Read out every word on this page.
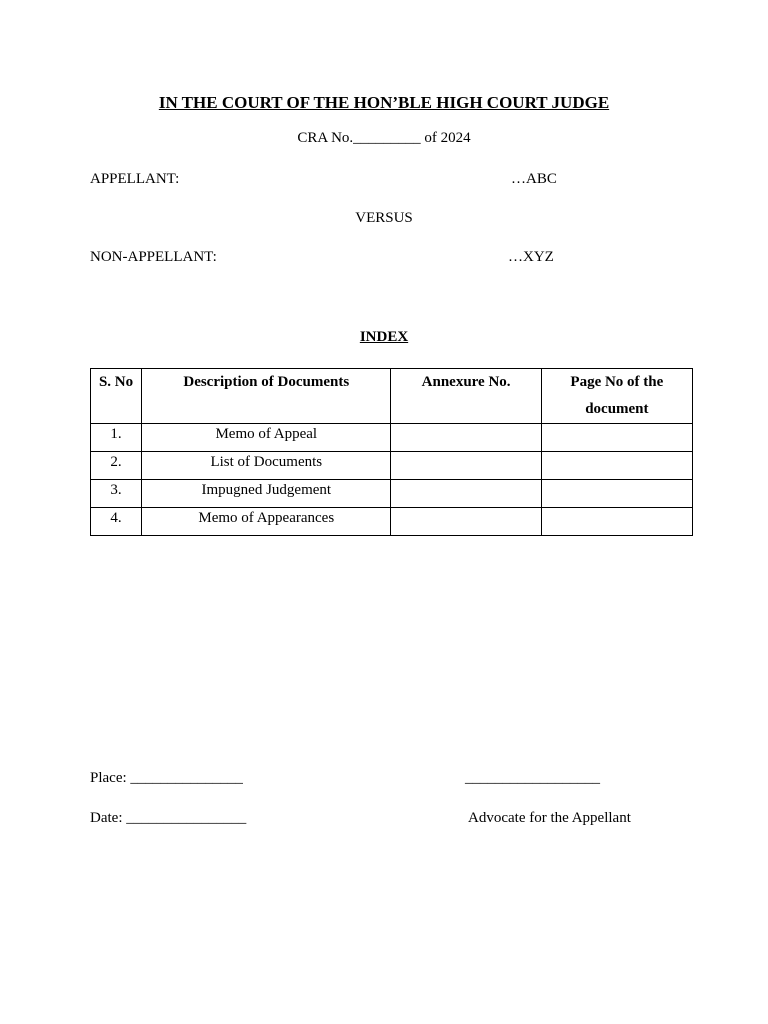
IN THE COURT OF THE HON’BLE HIGH COURT JUDGE
CRA No._________ of 2024
APPELLANT:	…ABC
VERSUS
NON-APPELLANT:	…XYZ
INDEX
S. No	Description of Documents	Annexure No.	Page No of the document
1.	Memo of Appeal		
2.	List of Documents		
3.	Impugned Judgement		
4.	Memo of Appearances		
Place: _______________	__________________
Date: ________________	Advocate for the Appellant
